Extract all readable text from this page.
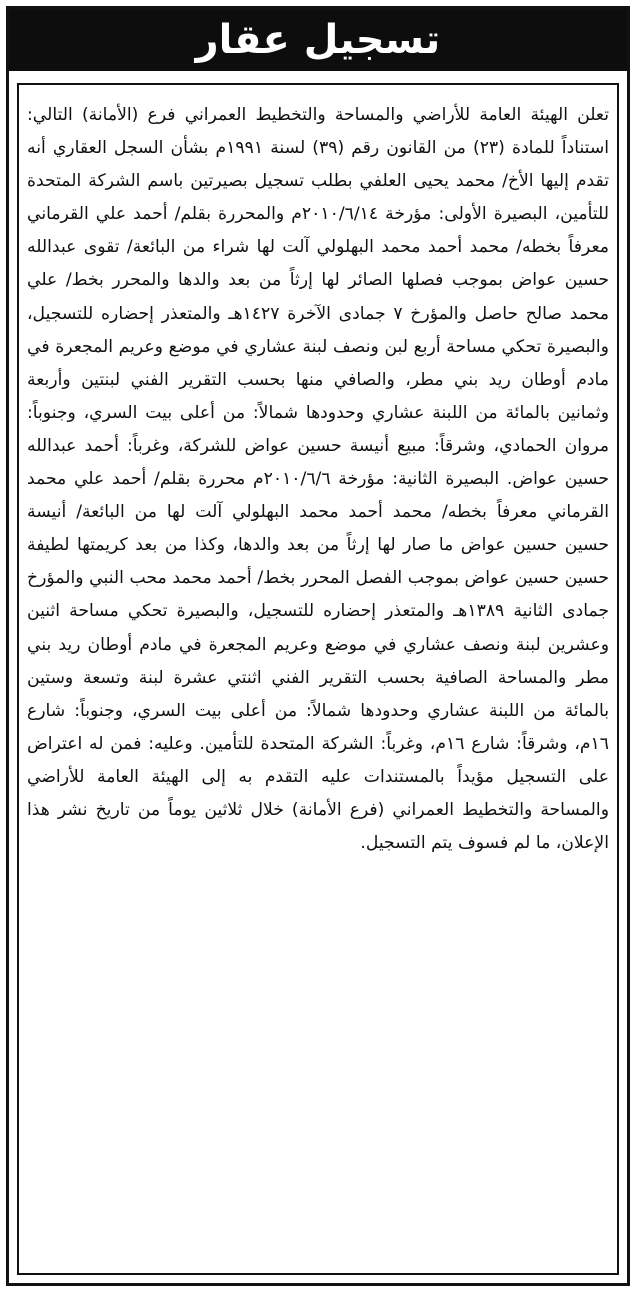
تسجيل عقار

تعلن الهيئة العامة للأراضي والمساحة والتخطيط العمراني فرع (الأمانة) التالي: استناداً للمادة (٢٣) من القانون رقم (٣٩) لسنة ١٩٩١م بشأن السجل العقاري أنه تقدم إليها الأخ/ محمد يحيى العلفي بطلب تسجيل بصيرتين باسم الشركة المتحدة للتأمين، البصيرة الأولى: مؤرخة ٢٠١٠/٦/١٤م والمحررة بقلم/ أحمد علي القرماني معرفاً بخطه/ محمد أحمد محمد البهلولي آلت لها شراء من البائعة/ تقوى عبدالله حسين عواض بموجب فصلها الصائر لها إرثاً من بعد والدها والمحرر بخط/ علي محمد صالح حاصل والمؤرخ ٧ جمادى الآخرة ١٤٢٧هـ والمتعذر إحضاره للتسجيل، والبصيرة تحكي مساحة أربع لبن ونصف لبنة عشاري في موضع وعريم المجعرة في مادم أوطان ريد بني مطر، والصافي منها بحسب التقرير الفني لبنتين وأربعة وثمانين بالمائة من اللبنة عشاري وحدودها شمالاً: من أعلى بيت السري، وجنوباً: مروان الحمادي، وشرقاً: مبيع أنيسة حسين عواض للشركة، وغرباً: أحمد عبدالله حسين عواض. البصيرة الثانية: مؤرخة ٢٠١٠/٦/٦م محررة بقلم/ أحمد علي محمد القرماني معرفاً بخطه/ محمد أحمد محمد البهلولي آلت لها من البائعة/ أنيسة حسين حسين عواض ما صار لها إرثاً من بعد والدها، وكذا من بعد كريمتها لطيفة حسين حسين عواض بموجب الفصل المحرر بخط/ أحمد محمد محب النبي والمؤرخ جمادى الثانية ١٣٨٩هـ والمتعذر إحضاره للتسجيل، والبصيرة تحكي مساحة اثنين وعشرين لبنة ونصف عشاري في موضع وعريم المجعرة في مادم أوطان ريد بني مطر والمساحة الصافية بحسب التقرير الفني اثنتي عشرة لبنة وتسعة وستين بالمائة من اللبنة عشاري وحدودها شمالاً: من أعلى بيت السري، وجنوباً: شارع ١٦م، وشرقاً: شارع ١٦م، وغرباً: الشركة المتحدة للتأمين. وعليه: فمن له اعتراض على التسجيل مؤيداً بالمستندات عليه التقدم به إلى الهيئة العامة للأراضي والمساحة والتخطيط العمراني (فرع الأمانة) خلال ثلاثين يوماً من تاريخ نشر هذا الإعلان، ما لم فسوف يتم التسجيل.
